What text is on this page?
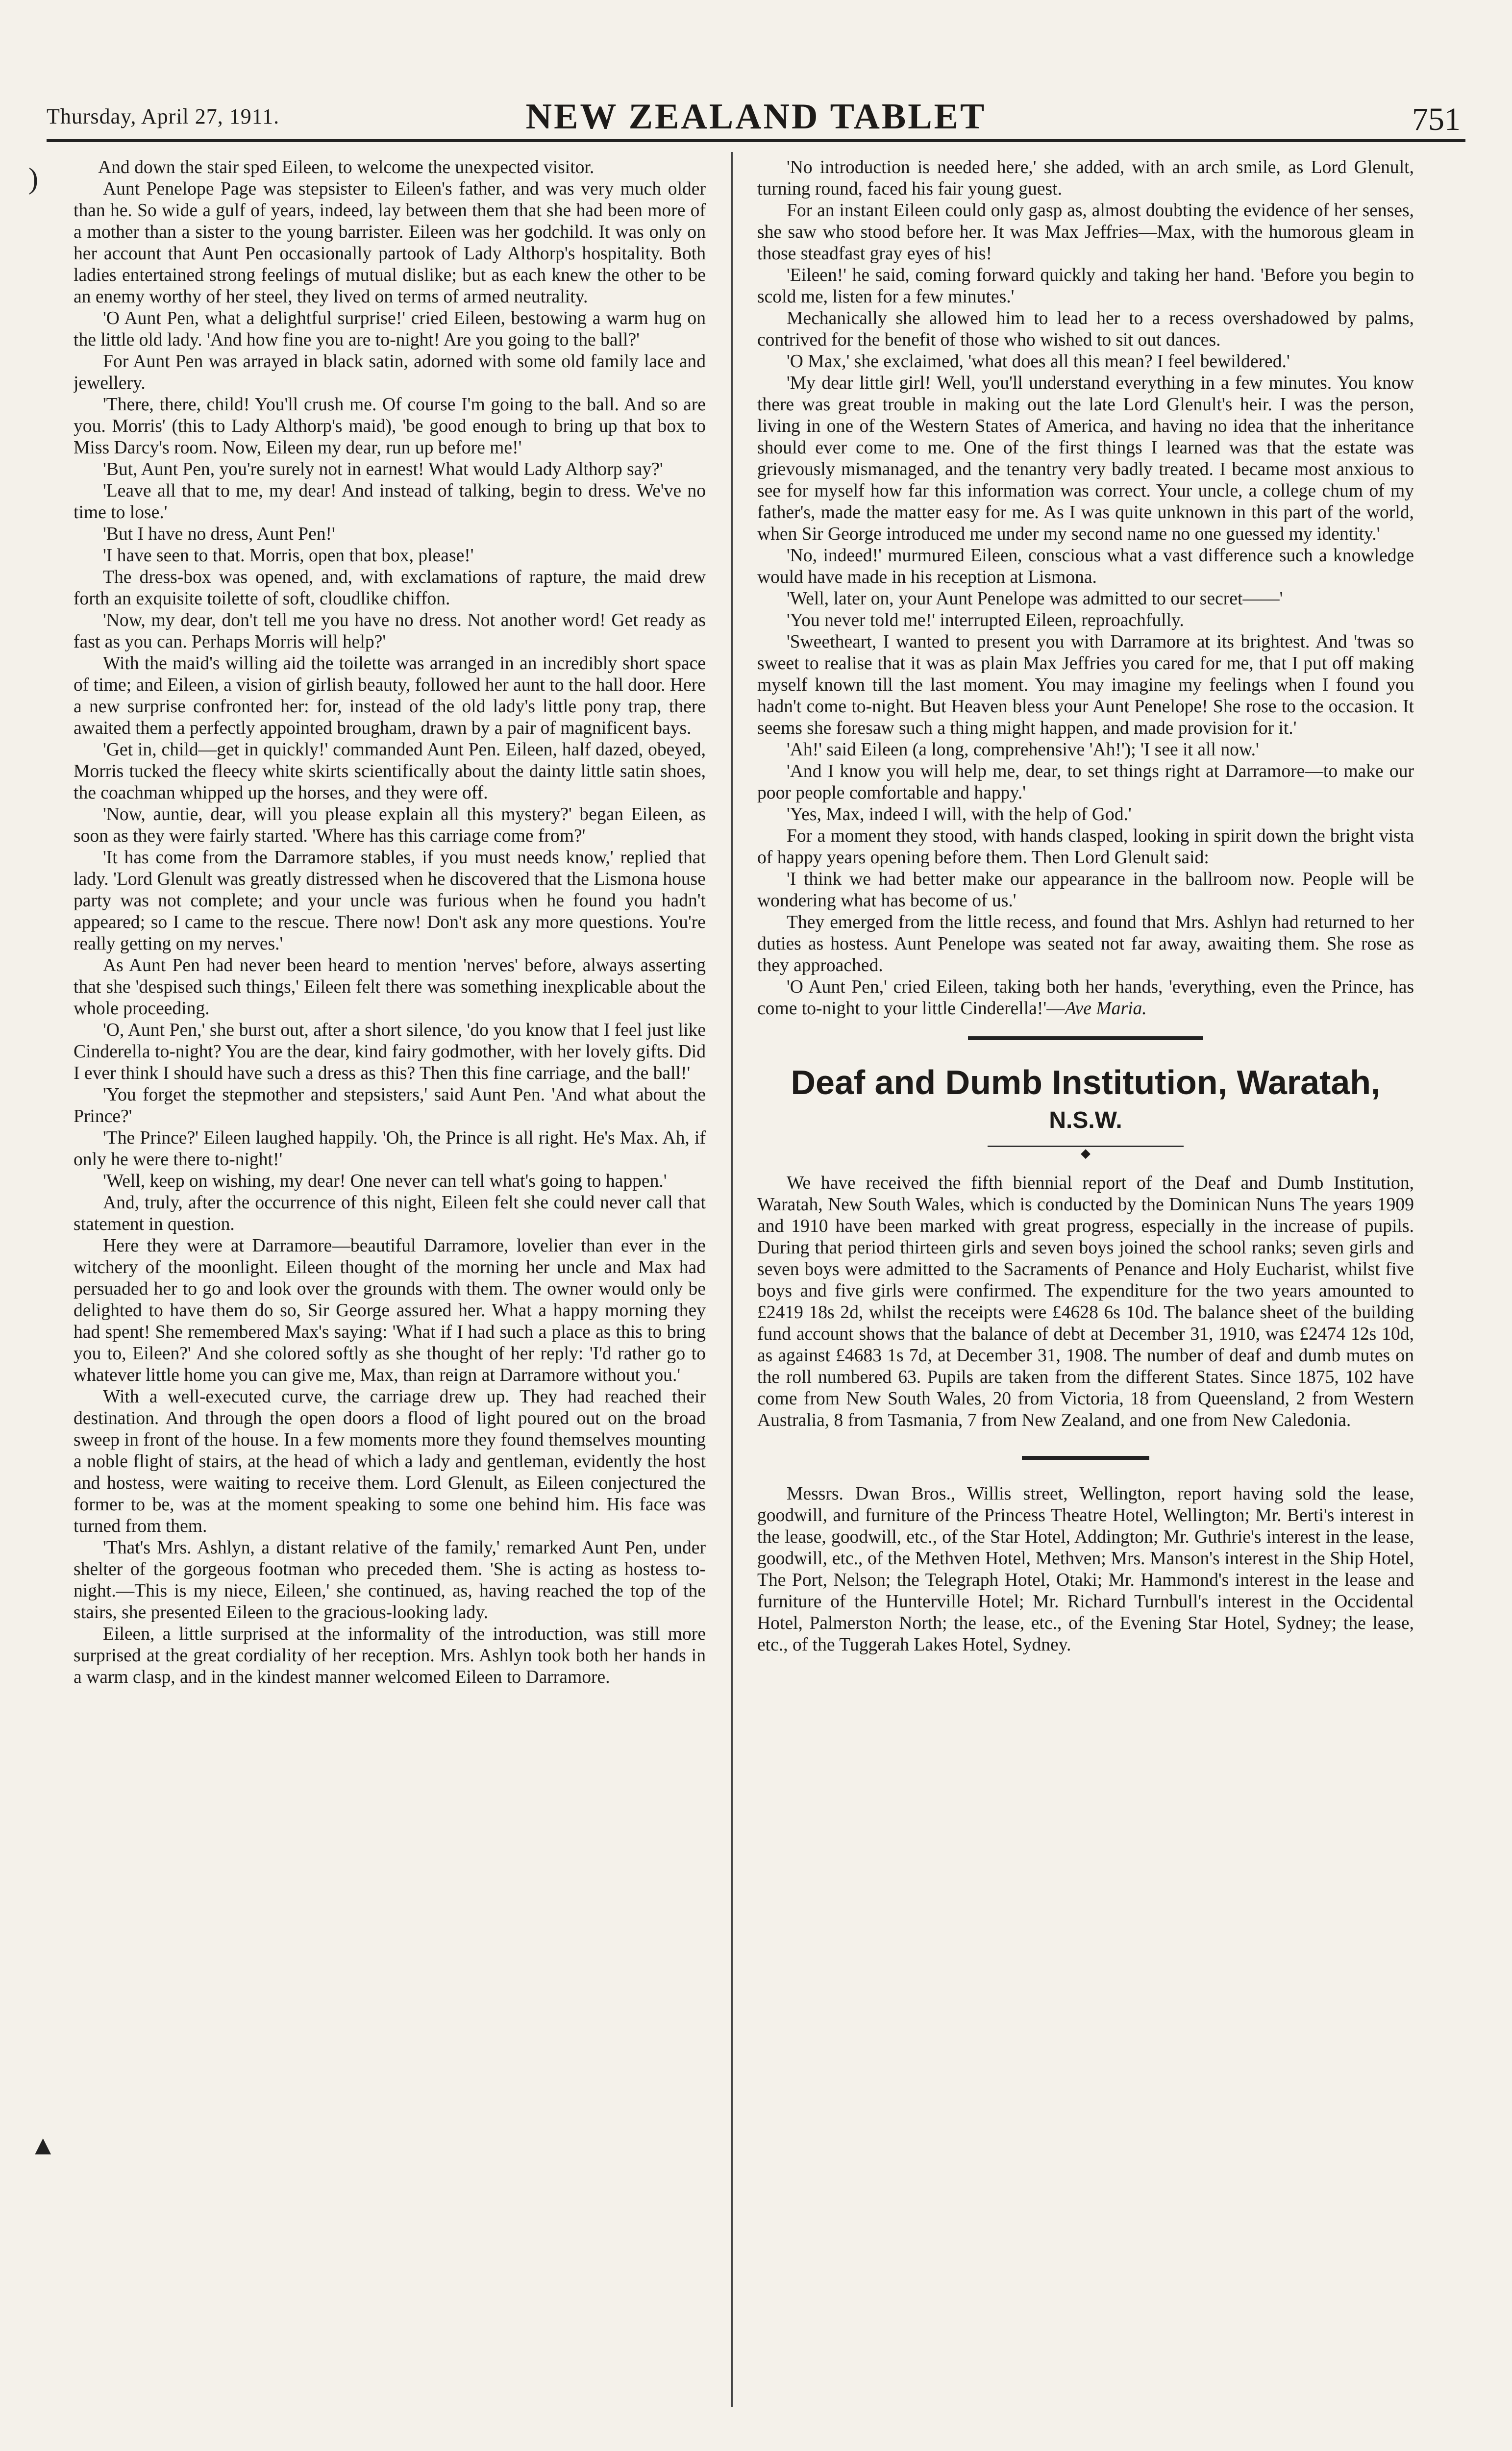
Thursday, April 27, 1911.	NEW ZEALAND TABLET	751
)
▲

And down the stair sped Eileen, to welcome the unexpected visitor.

Aunt Penelope Page was stepsister to Eileen's father, and was very much older than he. So wide a gulf of years, indeed, lay between them that she had been more of a mother than a sister to the young barrister. Eileen was her godchild. It was only on her account that Aunt Pen occasionally partook of Lady Althorp's hospitality. Both ladies entertained strong feelings of mutual dislike; but as each knew the other to be an enemy worthy of her steel, they lived on terms of armed neutrality.

'O Aunt Pen, what a delightful surprise!' cried Eileen, bestowing a warm hug on the little old lady. 'And how fine you are to-night! Are you going to the ball?'

For Aunt Pen was arrayed in black satin, adorned with some old family lace and jewellery.

'There, there, child! You'll crush me. Of course I'm going to the ball. And so are you. Morris' (this to Lady Althorp's maid), 'be good enough to bring up that box to Miss Darcy's room. Now, Eileen my dear, run up before me!'

'But, Aunt Pen, you're surely not in earnest! What would Lady Althorp say?'

'Leave all that to me, my dear! And instead of talking, begin to dress. We've no time to lose.'

'But I have no dress, Aunt Pen!'

'I have seen to that. Morris, open that box, please!'

The dress-box was opened, and, with exclamations of rapture, the maid drew forth an exquisite toilette of soft, cloudlike chiffon.

'Now, my dear, don't tell me you have no dress. Not another word! Get ready as fast as you can. Perhaps Morris will help?'

With the maid's willing aid the toilette was arranged in an incredibly short space of time; and Eileen, a vision of girlish beauty, followed her aunt to the hall door. Here a new surprise confronted her: for, instead of the old lady's little pony trap, there awaited them a perfectly appointed brougham, drawn by a pair of magnificent bays.

'Get in, child—get in quickly!' commanded Aunt Pen. Eileen, half dazed, obeyed, Morris tucked the fleecy white skirts scientifically about the dainty little satin shoes, the coachman whipped up the horses, and they were off.

'Now, auntie, dear, will you please explain all this mystery?' began Eileen, as soon as they were fairly started. 'Where has this carriage come from?'

'It has come from the Darramore stables, if you must needs know,' replied that lady. 'Lord Glenult was greatly distressed when he discovered that the Lismona house party was not complete; and your uncle was furious when he found you hadn't appeared; so I came to the rescue. There now! Don't ask any more questions. You're really getting on my nerves.'

As Aunt Pen had never been heard to mention 'nerves' before, always asserting that she 'despised such things,' Eileen felt there was something inexplicable about the whole proceeding.

'O, Aunt Pen,' she burst out, after a short silence, 'do you know that I feel just like Cinderella to-night? You are the dear, kind fairy godmother, with her lovely gifts. Did I ever think I should have such a dress as this? Then this fine carriage, and the ball!'

'You forget the stepmother and stepsisters,' said Aunt Pen. 'And what about the Prince?'

'The Prince?' Eileen laughed happily. 'Oh, the Prince is all right. He's Max. Ah, if only he were there to-night!'

'Well, keep on wishing, my dear! One never can tell what's going to happen.'

And, truly, after the occurrence of this night, Eileen felt she could never call that statement in question.

Here they were at Darramore—beautiful Darramore, lovelier than ever in the witchery of the moonlight. Eileen thought of the morning her uncle and Max had persuaded her to go and look over the grounds with them. The owner would only be delighted to have them do so, Sir George assured her. What a happy morning they had spent! She remembered Max's saying: 'What if I had such a place as this to bring you to, Eileen?' And she colored softly as she thought of her reply: 'I'd rather go to whatever little home you can give me, Max, than reign at Darramore without you.'

With a well-executed curve, the carriage drew up. They had reached their destination. And through the open doors a flood of light poured out on the broad sweep in front of the house. In a few moments more they found themselves mounting a noble flight of stairs, at the head of which a lady and gentleman, evidently the host and hostess, were waiting to receive them. Lord Glenult, as Eileen conjectured the former to be, was at the moment speaking to some one behind him. His face was turned from them.

'That's Mrs. Ashlyn, a distant relative of the family,' remarked Aunt Pen, under shelter of the gorgeous footman who preceded them. 'She is acting as hostess to-night.—This is my niece, Eileen,' she continued, as, having reached the top of the stairs, she presented Eileen to the gracious-looking lady.

Eileen, a little surprised at the informality of the introduction, was still more surprised at the great cordiality of her reception. Mrs. Ashlyn took both her hands in a warm clasp, and in the kindest manner welcomed Eileen to Darramore.

'No introduction is needed here,' she added, with an arch smile, as Lord Glenult, turning round, faced his fair young guest.

For an instant Eileen could only gasp as, almost doubting the evidence of her senses, she saw who stood before her. It was Max Jeffries—Max, with the humorous gleam in those steadfast gray eyes of his!

'Eileen!' he said, coming forward quickly and taking her hand. 'Before you begin to scold me, listen for a few minutes.'

Mechanically she allowed him to lead her to a recess overshadowed by palms, contrived for the benefit of those who wished to sit out dances.

'O Max,' she exclaimed, 'what does all this mean? I feel bewildered.'

'My dear little girl! Well, you'll understand everything in a few minutes. You know there was great trouble in making out the late Lord Glenult's heir. I was the person, living in one of the Western States of America, and having no idea that the inheritance should ever come to me. One of the first things I learned was that the estate was grievously mismanaged, and the tenantry very badly treated. I became most anxious to see for myself how far this information was correct. Your uncle, a college chum of my father's, made the matter easy for me. As I was quite unknown in this part of the world, when Sir George introduced me under my second name no one guessed my identity.'

'No, indeed!' murmured Eileen, conscious what a vast difference such a knowledge would have made in his reception at Lismona.

'Well, later on, your Aunt Penelope was admitted to our secret——'

'You never told me!' interrupted Eileen, reproachfully.

'Sweetheart, I wanted to present you with Darramore at its brightest. And 'twas so sweet to realise that it was as plain Max Jeffries you cared for me, that I put off making myself known till the last moment. You may imagine my feelings when I found you hadn't come to-night. But Heaven bless your Aunt Penelope! She rose to the occasion. It seems she foresaw such a thing might happen, and made provision for it.'

'Ah!' said Eileen (a long, comprehensive 'Ah!'); 'I see it all now.'

'And I know you will help me, dear, to set things right at Darramore—to make our poor people comfortable and happy.'

'Yes, Max, indeed I will, with the help of God.'

For a moment they stood, with hands clasped, looking in spirit down the bright vista of happy years opening before them. Then Lord Glenult said:

'I think we had better make our appearance in the ballroom now. People will be wondering what has become of us.'

They emerged from the little recess, and found that Mrs. Ashlyn had returned to her duties as hostess. Aunt Penelope was seated not far away, awaiting them. She rose as they approached.

'O Aunt Pen,' cried Eileen, taking both her hands, 'everything, even the Prince, has come to-night to your little Cinderella!'—Ave Maria.

Deaf and Dumb Institution, Waratah,
N.S.W.
◆

We have received the fifth biennial report of the Deaf and Dumb Institution, Waratah, New South Wales, which is conducted by the Dominican Nuns The years 1909 and 1910 have been marked with great progress, especially in the increase of pupils. During that period thirteen girls and seven boys joined the school ranks; seven girls and seven boys were admitted to the Sacraments of Penance and Holy Eucharist, whilst five boys and five girls were confirmed. The expenditure for the two years amounted to £2419 18s 2d, whilst the receipts were £4628 6s 10d. The balance sheet of the building fund account shows that the balance of debt at December 31, 1910, was £2474 12s 10d, as against £4683 1s 7d, at December 31, 1908. The number of deaf and dumb mutes on the roll numbered 63. Pupils are taken from the different States. Since 1875, 102 have come from New South Wales, 20 from Victoria, 18 from Queensland, 2 from Western Australia, 8 from Tasmania, 7 from New Zealand, and one from New Caledonia.

Messrs. Dwan Bros., Willis street, Wellington, report having sold the lease, goodwill, and furniture of the Princess Theatre Hotel, Wellington; Mr. Berti's interest in the lease, goodwill, etc., of the Star Hotel, Addington; Mr. Guthrie's interest in the lease, goodwill, etc., of the Methven Hotel, Methven; Mrs. Manson's interest in the Ship Hotel, The Port, Nelson; the Telegraph Hotel, Otaki; Mr. Hammond's interest in the lease and furniture of the Hunterville Hotel; Mr. Richard Turnbull's interest in the Occidental Hotel, Palmerston North; the lease, etc., of the Evening Star Hotel, Sydney; the lease, etc., of the Tuggerah Lakes Hotel, Sydney.
